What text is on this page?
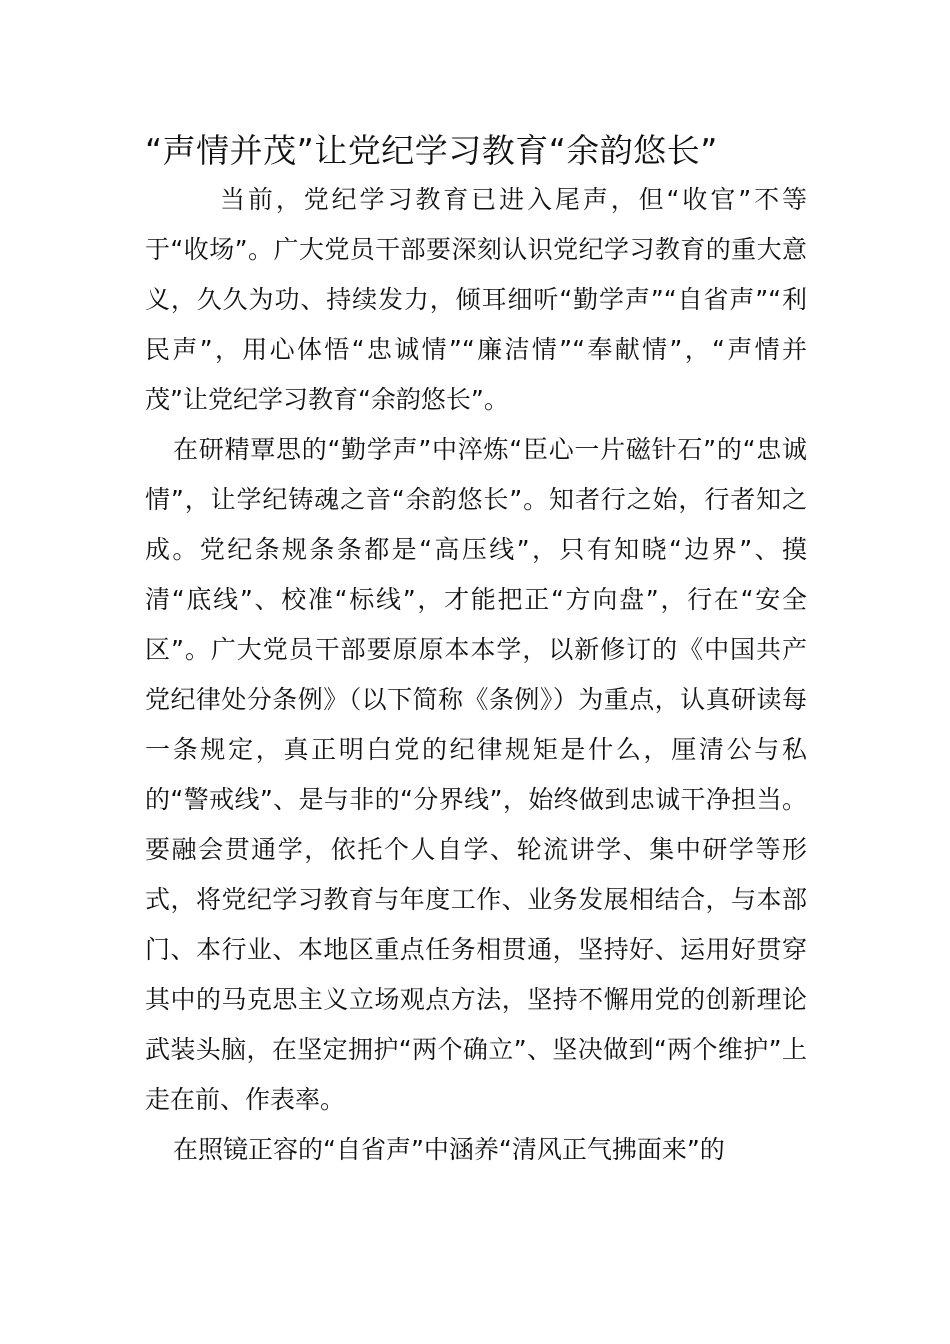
“声情并茂”让党纪学习教育“余韵悠长”

当前，党纪学习教育已进入尾声，但“收官”不等于“收场”。广大党员干部要深刻认识党纪学习教育的重大意义，久久为功、持续发力，倾耳细听“勤学声”“自省声”“利民声”，用心体悟“忠诚情”“廉洁情”“奉献情”，“声情并茂”让党纪学习教育“余韵悠长”。

在研精覃思的“勤学声”中淬炼“臣心一片磁针石”的“忠诚情”，让学纪铸魂之音“余韵悠长”。知者行之始，行者知之成。党纪条规条条都是“高压线”，只有知晓“边界”、摸清“底线”、校准“标线”，才能把正“方向盘”，行在“安全区”。广大党员干部要原原本本学，以新修订的《中国共产党纪律处分条例》（以下简称《条例》）为重点，认真研读每一条规定，真正明白党的纪律规矩是什么，厘清公与私的“警戒线”、是与非的“分界线”，始终做到忠诚干净担当。要融会贯通学，依托个人自学、轮流讲学、集中研学等形式，将党纪学习教育与年度工作、业务发展相结合，与本部门、本行业、本地区重点任务相贯通，坚持好、运用好贯穿其中的马克思主义立场观点方法，坚持不懈用党的创新理论武装头脑，在坚定拥护“两个确立”、坚决做到“两个维护”上走在前、作表率。

在照镜正容的“自省声”中涵养“清风正气拂面来”的
